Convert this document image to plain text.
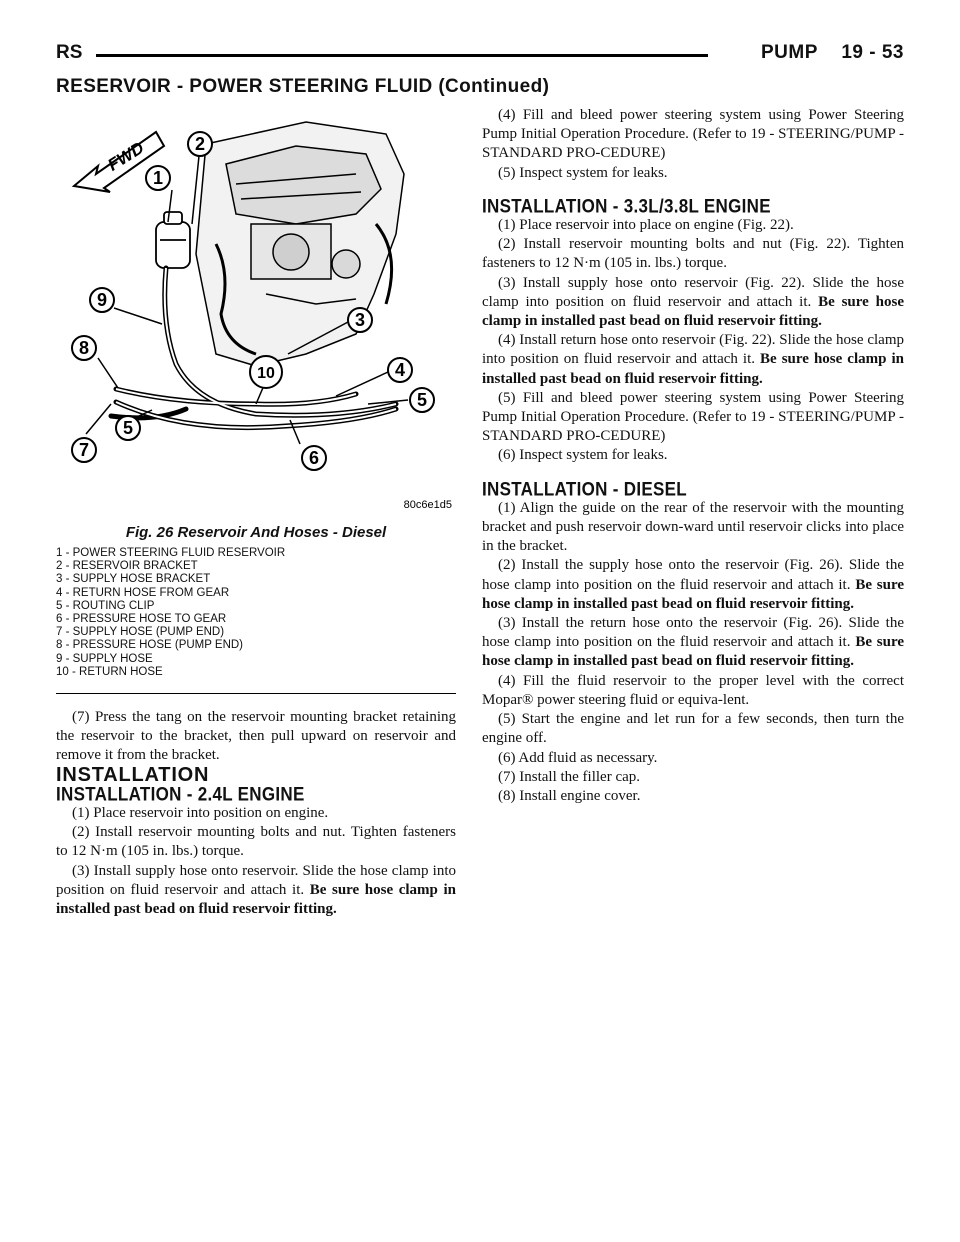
RS	PUMP 19 - 53
RESERVOIR - POWER STEERING FLUID (Continued)
FWD
1
2
3
4
5
5
6
7
8
9
10
80c6e1d5
Fig. 26 Reservoir And Hoses - Diesel
1 - POWER STEERING FLUID RESERVOIR
2 - RESERVOIR BRACKET
3 - SUPPLY HOSE BRACKET
4 - RETURN HOSE FROM GEAR
5 - ROUTING CLIP
6 - PRESSURE HOSE TO GEAR
7 - SUPPLY HOSE (PUMP END)
8 - PRESSURE HOSE (PUMP END)
9 - SUPPLY HOSE
10 - RETURN HOSE

(7) Press the tang on the reservoir mounting bracket retaining the reservoir to the bracket, then pull upward on reservoir and remove it from the bracket.

INSTALLATION

INSTALLATION - 2.4L ENGINE

(1) Place reservoir into position on engine.

(2) Install reservoir mounting bolts and nut. Tighten fasteners to 12 N·m (105 in. lbs.) torque.

(3) Install supply hose onto reservoir. Slide the hose clamp into position on fluid reservoir and attach it. Be sure hose clamp in installed past bead on fluid reservoir fitting.

(4) Fill and bleed power steering system using Power Steering Pump Initial Operation Procedure. (Refer to 19 - STEERING/PUMP - STANDARD PRO-CEDURE)

(5) Inspect system for leaks.

INSTALLATION - 3.3L/3.8L ENGINE

(1) Place reservoir into place on engine (Fig. 22).

(2) Install reservoir mounting bolts and nut (Fig. 22). Tighten fasteners to 12 N·m (105 in. lbs.) torque.

(3) Install supply hose onto reservoir (Fig. 22). Slide the hose clamp into position on fluid reservoir and attach it. Be sure hose clamp in installed past bead on fluid reservoir fitting.

(4) Install return hose onto reservoir (Fig. 22). Slide the hose clamp into position on fluid reservoir and attach it. Be sure hose clamp in installed past bead on fluid reservoir fitting.

(5) Fill and bleed power steering system using Power Steering Pump Initial Operation Procedure. (Refer to 19 - STEERING/PUMP - STANDARD PRO-CEDURE)

(6) Inspect system for leaks.

INSTALLATION - DIESEL

(1) Align the guide on the rear of the reservoir with the mounting bracket and push reservoir down-ward until reservoir clicks into place in the bracket.

(2) Install the supply hose onto the reservoir (Fig. 26). Slide the hose clamp into position on the fluid reservoir and attach it. Be sure hose clamp in installed past bead on fluid reservoir fitting.

(3) Install the return hose onto the reservoir (Fig. 26). Slide the hose clamp into position on the fluid reservoir and attach it. Be sure hose clamp in installed past bead on fluid reservoir fitting.

(4) Fill the fluid reservoir to the proper level with the correct Mopar® power steering fluid or equiva-lent.

(5) Start the engine and let run for a few seconds, then turn the engine off.

(6) Add fluid as necessary.

(7) Install the filler cap.

(8) Install engine cover.
